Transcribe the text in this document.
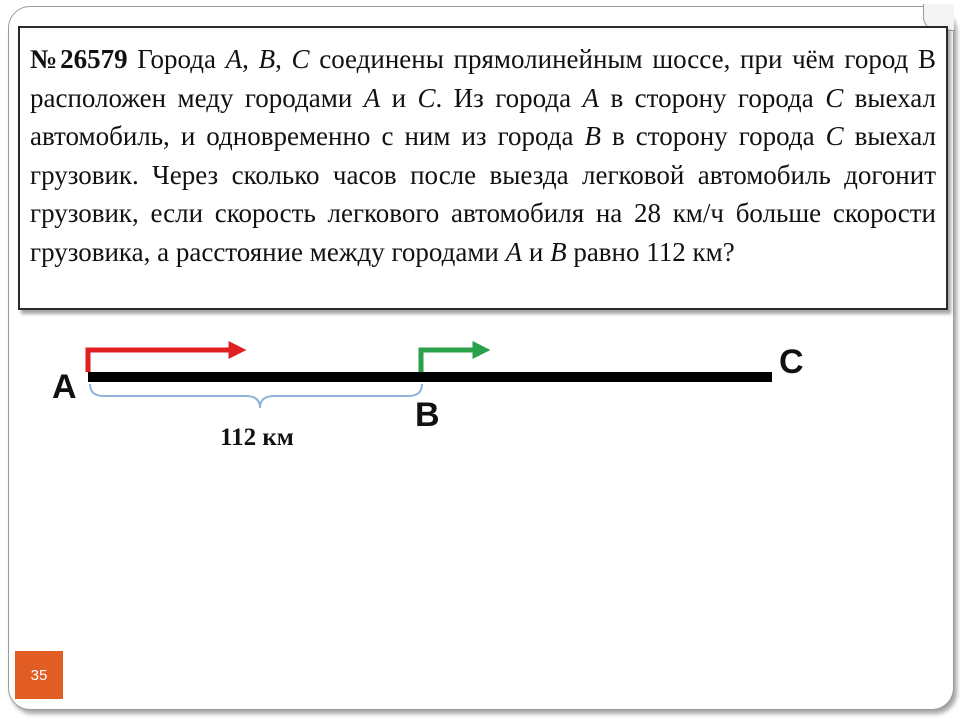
№26579 Города A, B, C соединены прямолинейным шоссе, при чём город В расположен меду городами A и C. Из города A в сторону города C выехал автомобиль, и одновременно с ним из города B в сторону города C выехал грузовик. Через сколько часов после выезда легковой автомобиль догонит грузовик, если скорость легкового автомобиля на 28 км/ч больше скорости грузовика, а расстояние между городами A и B равно 112 км?

A
B
C
112 км
35
